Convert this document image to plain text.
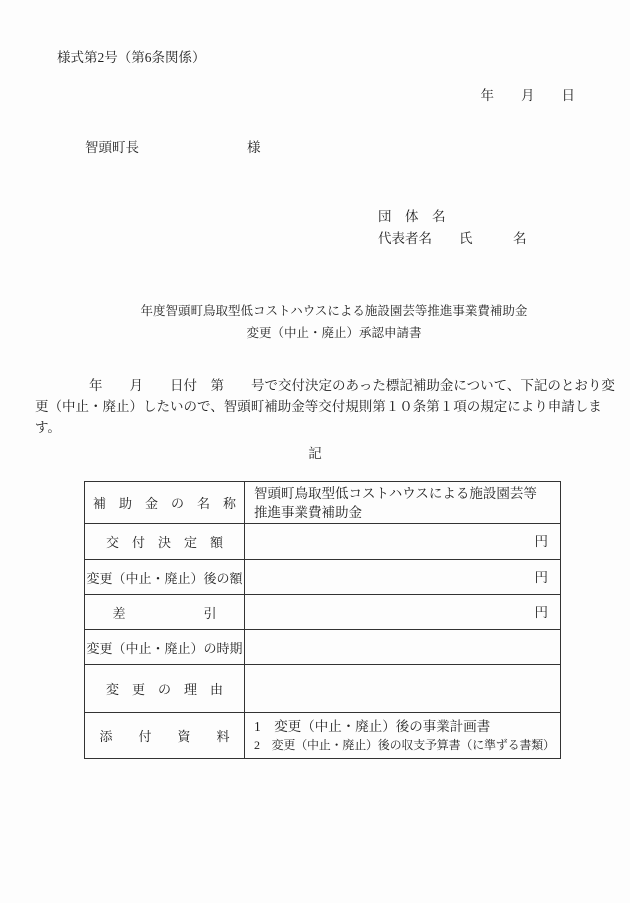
様式第2号（第6条関係）
年　　月　　日
智頭町長　　　　　　　　様
団　体　名
代表者名　　氏　　　名
年度智頭町鳥取型低コストハウスによる施設園芸等推進事業費補助金
変更（中止・廃止）承認申請書
　　　　年　　月　　日付　第　　号で交付決定のあった標記補助金について、下記のとおり変
更（中止・廃止）したいので、智頭町補助金等交付規則第１０条第１項の規定により申請しま
す。
記
補　助　金　の　名　称	智頭町鳥取型低コストハウスによる施設園芸等
推進事業費補助金

交　付　決　定　額	円
変更（中止・廃止）後の額	円
差　　　　　　引	円
変更（中止・廃止）の時期	
変　更　の　理　由	
添　　付　　資　　料	1　変更（中止・廃止）後の事業計画書
2　変更（中止・廃止）後の収支予算書（に準ずる書類）
